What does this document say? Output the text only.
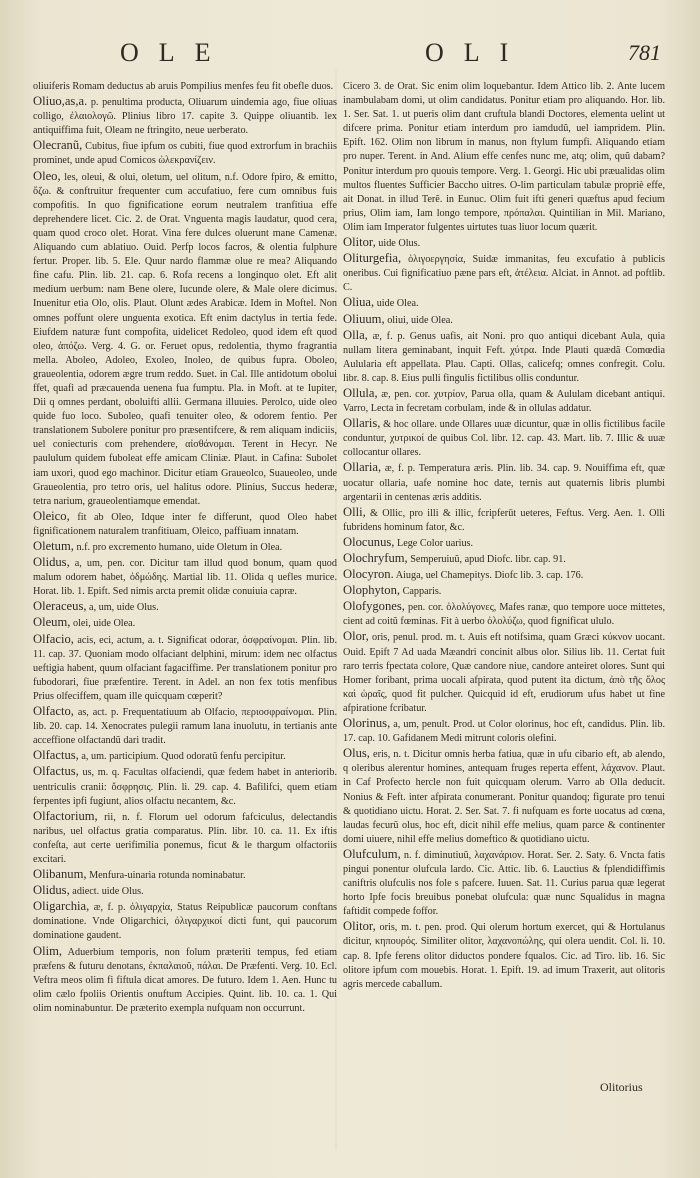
OLE	OLI	781

oliuiferis Romam deductus ab aruis Pompilius menfes feu fit obefle duos.

Oliuo,as,a. p. penultima producta, Oliuarum uindemia ago, fiue oliuas colligo, ἐλαιολογῶ. Plinius libro 17. capite 3. Quippe oliuantib. lex antiquiffima fuit, Oleam ne ftringito, neue uerberato.

Olecranũ, Cubitus, fiue ipfum os cubiti, fiue quod extrorfum in brachiis prominet, unde apud Comicos ὠλεκρανίζειν.

Oleo, les, oleui, & olui, oletum, uel olitum, n.f. Odore fpiro, & emitto, ὄζω. & conftruitur frequenter cum accufatiuo, fere cum omnibus fuis compofitis. In quo fignificatione eorum neutralem tranfitiua effe deprehendere licet. Cic. 2. de Orat. Vnguenta magis laudatur, quod cera, quam quod croco olet. Horat. Vina fere dulces oluerunt mane Camenæ. Aliquando cum ablatiuo. Ouid. Perfp locos facros, & olentia fulphure fertur. Proper. lib. 5. Ele. Quur nardo flammæ olue re mea? Aliquando fine cafu. Plin. lib. 21. cap. 6. Rofa recens a longinquo olet. Eft alit medium uerbum: nam Bene olere, Iucunde olere, & Male olere dicimus. Inuenitur etia Olo, olis. Plaut. Olunt ædes Arabicæ. Idem in Moftel. Non omnes poffunt olere unguenta exotica. Eft enim dactylus in tertia fede. Eiufdem naturæ funt compofita, uidelicet Redoleo, quod idem eft quod oleo, ἀπόζω. Verg. 4. G. or. Feruet opus, redolentia, thymo fragrantia mella. Aboleo, Adoleo, Exoleo, Inoleo, de quibus fupra. Oboleo, graueolentia, odorem ægre trum reddo. Suet. in Cal. Ille antidotum obolui ffet, quafi ad præcauenda uenena fua fumptu. Pla. in Moft. at te Iupiter, Dii q omnes perdant, oboluifti allii. Germana illuuies. Perolco, uide oleo quide fuo loco. Suboleo, quafi tenuiter oleo, & odorem fentio. Per translationem Subolere ponitur pro præsentifcere, & rem aliquam indiciis, uel coniecturis com prehendere, αἰσθάνομαι. Terent in Hecyr. Ne paululum quidem fuboleat effe amicam Cliniæ. Plaut. in Cafina: Subolet iam uxori, quod ego machinor. Dicitur etiam Graueolco, Suaueoleo, unde Graueolentia, pro tetro oris, uel halitus odore. Plinius, Succus hederæ, tetra narium, graueolentiamque emendat.

Oleico, fit ab Oleo, Idque inter fe differunt, quod Oleo habet fignificationem naturalem tranfitiuam, Oleico, paffiuam innatam.

Oletum, n.f. pro excremento humano, uide Oletum in Olea.

Olidus, a, um, pen. cor. Dicitur tam illud quod bonum, quam quod malum odorem habet, ὀδμώδης. Martial lib. 11. Olida q uefles murice. Horat. lib. 1. Epift. Sed nimis arcta premit olidæ conuiuia capræ.

Oleraceus, a, um, uide Olus.

Oleum, olei, uide Olea.

Olfacio, acis, eci, actum, a. t. Significat odorar, ὀσφραίνομαι. Plin. lib. 11. cap. 37. Quoniam modo olfaciant delphini, mirum: idem nec olfactus ueftigia habent, quum olfaciant fagaciffime. Per translationem ponitur pro fubodorari, fiue præfentire. Terent. in Adel. an non fex totis menfibus Prius olfeciffem, quam ille quicquam cœperit?

Olfacto, as, act. p. Frequentatiuum ab Olfacio, περιοσφραίνομαι. Plin. lib. 20. cap. 14. Xenocrates pulegii ramum lana inuolutu, in tertianis ante acceffione olfactandũ dari tradit.

Olfactus, a, um. participium. Quod odoratũ fenfu percipitur.

Olfactus, us, m. q. Facultas olfaciendi, quæ fedem habet in anteriorib. uentriculis cranii: ὄσφρησις. Plin. li. 29. cap. 4. Bafilifci, quem etiam ferpentes ipfi fugiunt, alios olfactu necantem, &c.

Olfactorium, rii, n. f. Florum uel odorum fafciculus, delectandis naribus, uel olfactus gratia comparatus. Plin. libr. 10. ca. 11. Ex iftis confeſta, aut certe uerifimilia ponemus, ficut & le thargum olfactoriis excitari.

Olibanum, Menfura-uinaria rotunda nominabatur.

Olidus, adiect. uide Olus.

Oligarchia, æ, f. p. ὀλιγαρχία, Status Reipublicæ paucorum conftans dominatione. Vnde Oligarchici, ὀλιγαρχικοί dicti funt, qui paucorum dominatione gaudent.

Olim, Aduerbium temporis, non folum præteriti tempus, fed etiam præfens & futuru denotans, ἐκπαλαιοῦ, πάλαι. De Præfenti. Verg. 10. Ecl. Veftra meos olim fi fiftula dicat amores. De futuro. Idem 1. Aen. Hunc tu olim cælo fpoliis Orientis onuftum Accipies. Quint. lib. 10. ca. 1. Qui olim nominabuntur. De præterito exempla nufquam non occurrunt.

Cicero 3. de Orat. Sic enim olim loquebantur. Idem Attico lib. 2. Ante lucem inambulabam domi, ut olim candidatus. Ponitur etiam pro aliquando. Hor. lib. 1. Ser. Sat. 1. ut pueris olim dant cruftula blandi Doctores, elementa uelint ut difcere prima. Ponitur etiam interdum pro iamdudũ, uel iampridem. Plin. Epift. 162. Olim non librum in manus, non ftylum fumpfi. Aliquando etiam pro nuper. Terent. in And. Alium effe cenfes nunc me, atq; olim, quũ dabam? Ponitur interdum pro quouis tempore. Verg. 1. Georgi. Hic ubi præualidas olim multos fluentes Sufficier Baccho uitres. O-lim particulam tabulæ propriè effe, ait Donat. in illud Terẽ. in Eunuc. Olim fuit ifti generi quæftus apud fecium prius, Olim iam, Iam longo tempore, πρόπαλαι. Quintilian in Mil. Mariano, Olim iam Imperator fulgentes uirtutes tuas liuor locum quærit.

Olitor, uide Olus.

Oliturgefia, ὀλιγοεργησία, Suidæ immanitas, feu excufatio à publicis oneribus. Cui fignificatiuo pæne pars eft, ἀτέλεια. Alciat. in Annot. ad poftlib. C.

Oliua, uide Olea.

Oliuum, oliui, uide Olea.

Olla, æ, f. p. Genus uafis, ait Noni. pro quo antiqui dicebant Aula, quia nullam litera geminabant, inquit Feft. χύτρα. Inde Plauti quædã Comœdia Aulularia eft appellata. Plau. Capti. Ollas, calicefq; omnes confregit. Colu. libr. 8. cap. 8. Eius pulli fingulis fictilibus ollis conduntur.

Ollula, æ, pen. cor. χυτρίον, Parua olla, quam & Aululam dicebant antiqui. Varro, Lecta in fecretam corbulam, inde & in ollulas addatur.

Ollaris, & hoc ollare. unde Ollares uuæ dicuntur, quæ in ollis fictilibus facile conduntur, χυτρικοί de quibus Col. libr. 12. cap. 43. Mart. lib. 7. Illic & uuæ collocantur ollares.

Ollaria, æ, f. p. Temperatura æris. Plin. lib. 34. cap. 9. Nouiffima eft, quæ uocatur ollaria, uafe nomine hoc date, ternis aut quaternis libris plumbi argentarii in centenas æris additis.

Olli, & Ollic, pro illi & illic, fcripferūt ueteres, Feftus. Verg. Aen. 1. Olli fubridens hominum fator, &c.

Olocunus, Lege Color uarius.

Olochryfum, Semperuiuũ, apud Diofc. libr. cap. 91.

Olocyron. Aiuga, uel Chamepitys. Diofc lib. 3. cap. 176.

Olophyton, Capparis.

Olofygones, pen. cor. ὀλολύγονες, Mafes ranæ, quo tempore uoce mittetes, cient ad coitũ fœminas. Fit à uerbo ὀλολύζω, quod fignificat ululo.

Olor, oris, penul. prod. m. t. Auis eft notifsima, quam Græci κύκνον uocant. Ouid. Epift 7 Ad uada Mæandri concinit albus olor. Silius lib. 11. Certat fuit raro terris fpectata colore, Quæ candore niue, candore anteiret olores. Sunt qui Homer foribant, prima uocali afpirata, quod putent ita dictum, ἀπὸ τῆς ὅλος καὶ ὡραῖς, quod fit pulcher. Quicquid id eft, erudiorum ufus habet ut fine afpiratione fcribatur.

Olorinus, a, um, penult. Prod. ut Color olorinus, hoc eft, candidus. Plin. lib. 17. cap. 10. Gafidanem Medi mitrunt coloris olefini.

Olus, eris, n. t. Dicitur omnis herba fatiua, quæ in ufu cibario eft, ab alendo, q oleribus alerentur homines, antequam fruges reperta effent, λάχανον. Plaut. in Caf Profecto hercle non fuit quicquam olerum. Varro ab Olla deducit. Nonius & Feft. inter afpirata conumerant. Ponitur quandoq; figurate pro tenui & quotidiano uictu. Horat. 2. Ser. Sat. 7. fi nufquam es forte uocatus ad cœna, laudas fecurũ olus, hoc eft, dicit nihil effe melius, quam parce & continenter domi uiuere, nihil effe melius domeftico & quotidiano uictu.

Olufculum, n. f. diminutiuũ, λαχανάριον. Horat. Ser. 2. Saty. 6. Vncta fatis pingui ponentur olufcula lardo. Cic. Attic. lib. 6. Lauctius & fplendidiffimis caniftris olufculis nos fole s pafcere. Iuuen. Sat. 11. Curius parua quæ legerat horto Ipfe focis breuibus ponebat olufcula: quæ nunc Squalidus in magna faftidit compede foffor.

Olitor, oris, m. t. pen. prod. Qui olerum hortum exercet, qui & Hortulanus dicitur, κηπουρός. Similiter olitor, λαχανοπώλης, qui olera uendit. Col. li. 10. cap. 8. Ipfe ferens olitor diductos pondere fqualos. Cic. ad Tiro. lib. 16. Sic olitore ipfum com mouebis. Horat. 1. Epift. 19. ad imum Traxerit, aut olitoris agris mercede caballum.

Olitorius
